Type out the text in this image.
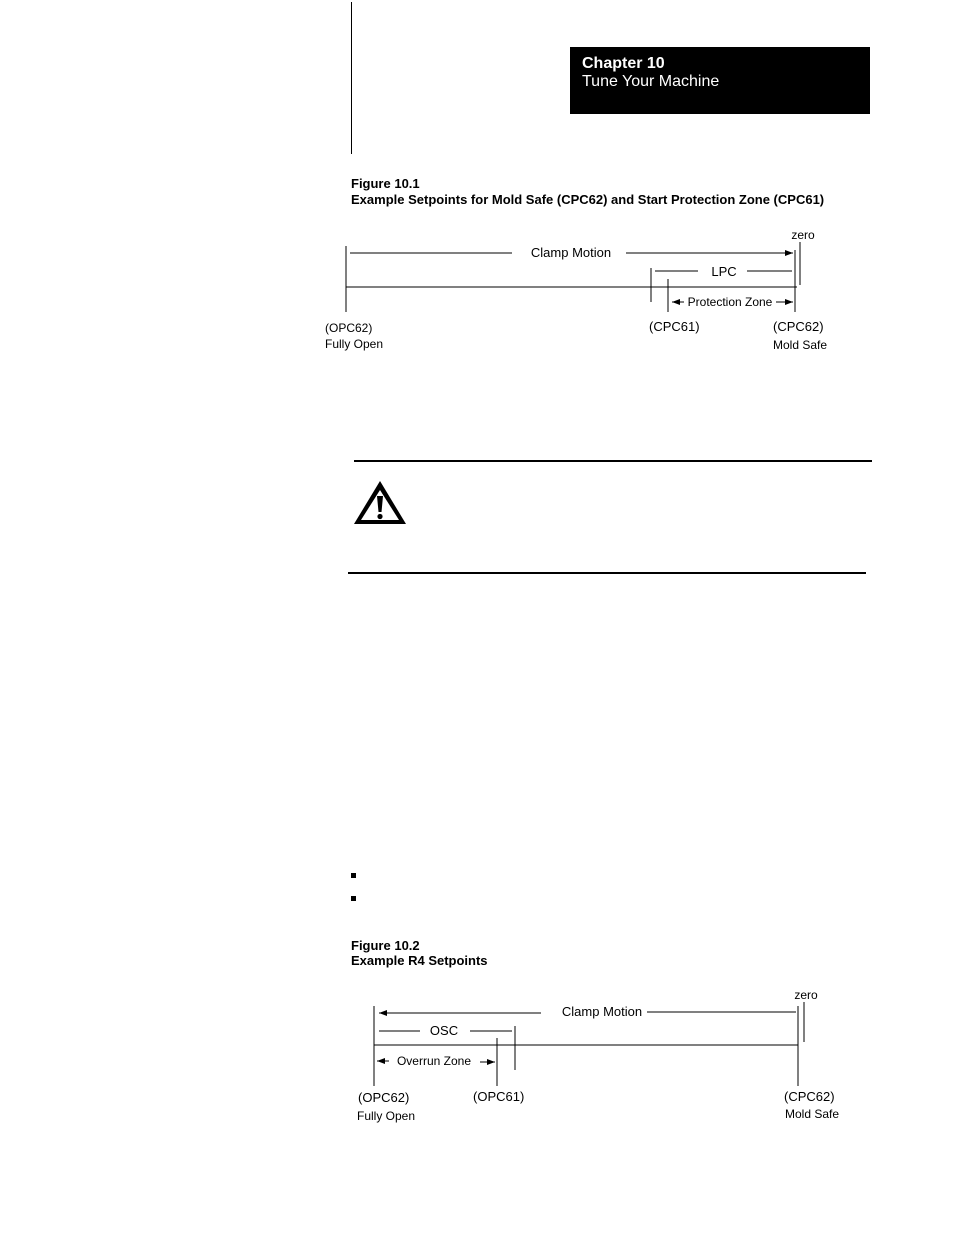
Chapter 10
Tune Your Machine
Figure 10.1
Example Setpoints for Mold Safe (CPC62) and Start Protection Zone (CPC61)
Clamp Motion
LPC
Protection Zone
zero
(OPC62)
Fully Open
(CPC61)	(CPC62)
Mold Safe
Figure 10.2
Example R4 Setpoints
Clamp Motion
OSC
Overrun Zone
zero
(OPC62)
Fully Open
(OPC61)	(CPC62)
Mold Safe
